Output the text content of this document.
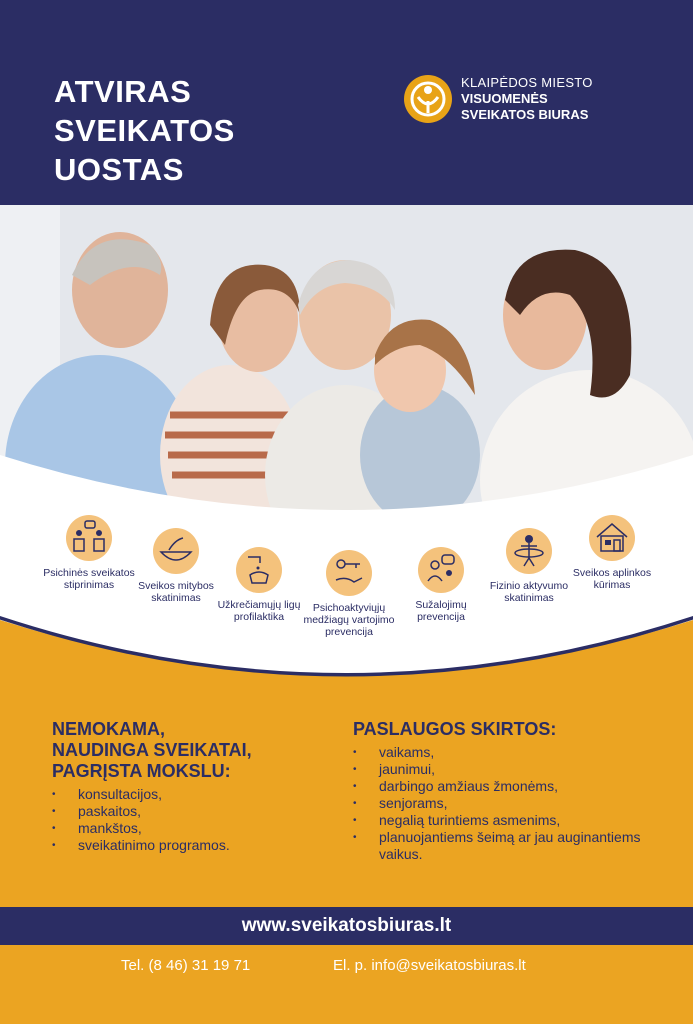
ATVIRAS
SVEIKATOS
UOSTAS
KLAIPĖDOS MIESTO
VISUOMENĖS
SVEIKATOS BIURAS
Psichinės sveikatos stiprinimas	Sveikos mitybos skatinimas
Užkrečiamųjų ligų profilaktika
Psichoaktyviųjų medžiagų vartojimo prevencija
Sužalojimų prevencija
Fizinio aktyvumo skatinimas
Sveikos aplinkos kūrimas
NEMOKAMA,
NAUDINGA SVEIKATAI,
PAGRĮSTA MOKSLU:
• konsultacijos,
• paskaitos,
• mankštos,
• sveikatinimo programos.
PASLAUGOS SKIRTOS:
• vaikams,
• jaunimui,
• darbingo amžiaus žmonėms,
• senjorams,
• negalią turintiems asmenims,
• planuojantiems šeimą ar jau auginantiems vaikus.
www.sveikatosbiuras.lt
Tel. (8 46) 31 19 71	El. p. info@sveikatosbiuras.lt
